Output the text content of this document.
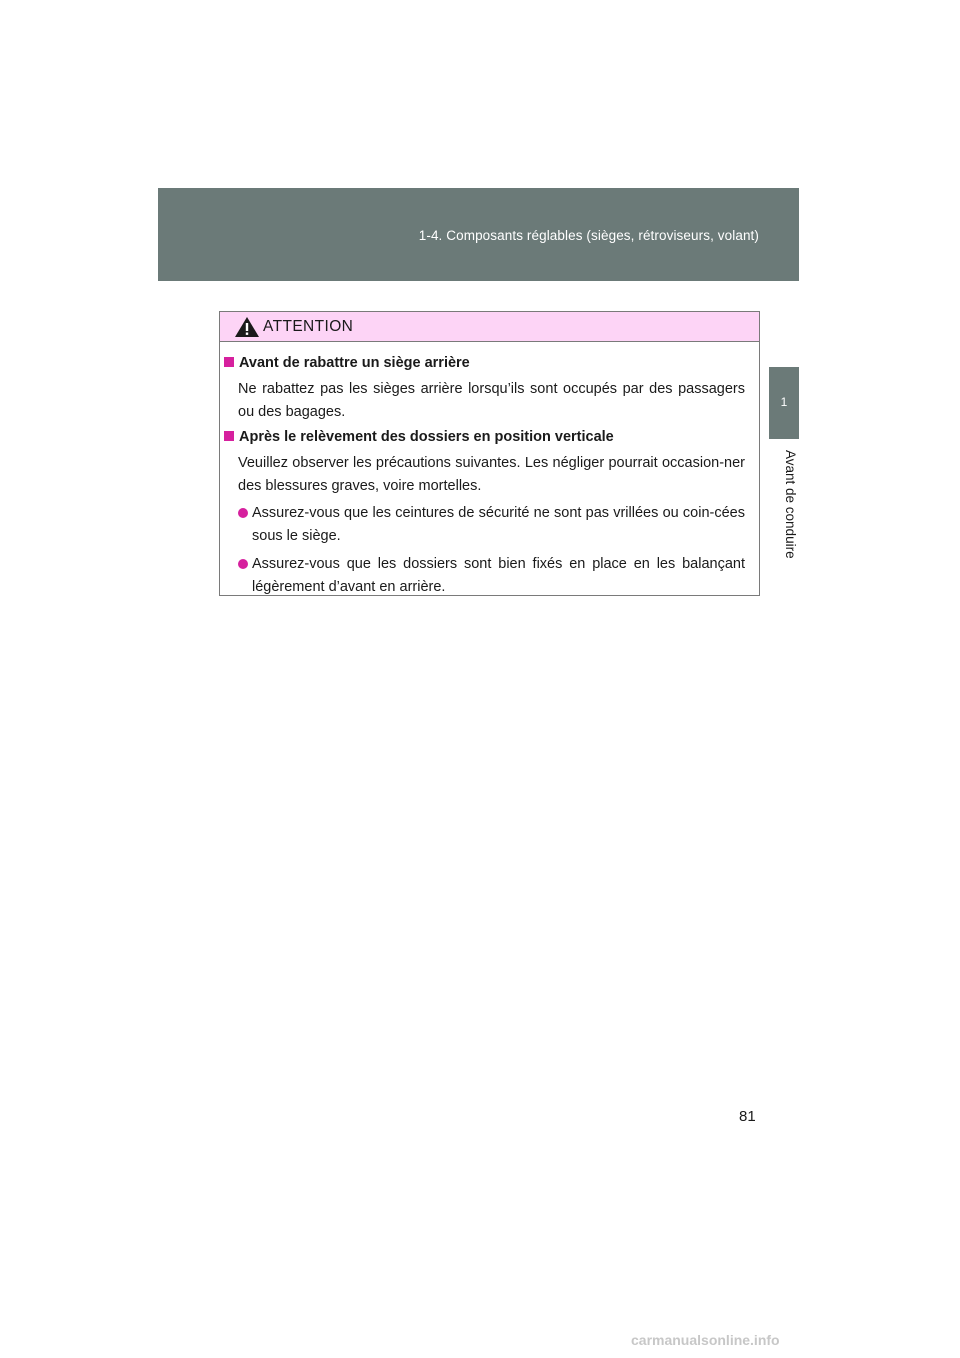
1-4. Composants réglables (sièges, rétroviseurs, volant)
1
Avant de conduire
ATTENTION
Avant de rabattre un siège arrière
Ne rabattez pas les sièges arrière lorsqu’ils sont occupés par des passagers ou des bagages.
Après le relèvement des dossiers en position verticale
Veuillez observer les précautions suivantes. Les négliger pourrait occasion-ner des blessures graves, voire mortelles.
Assurez-vous que les ceintures de sécurité ne sont pas vrillées ou coin-cées sous le siège.
Assurez-vous que les dossiers sont bien fixés en place en les balançant légèrement d’avant en arrière.
81
carmanualsonline.info
